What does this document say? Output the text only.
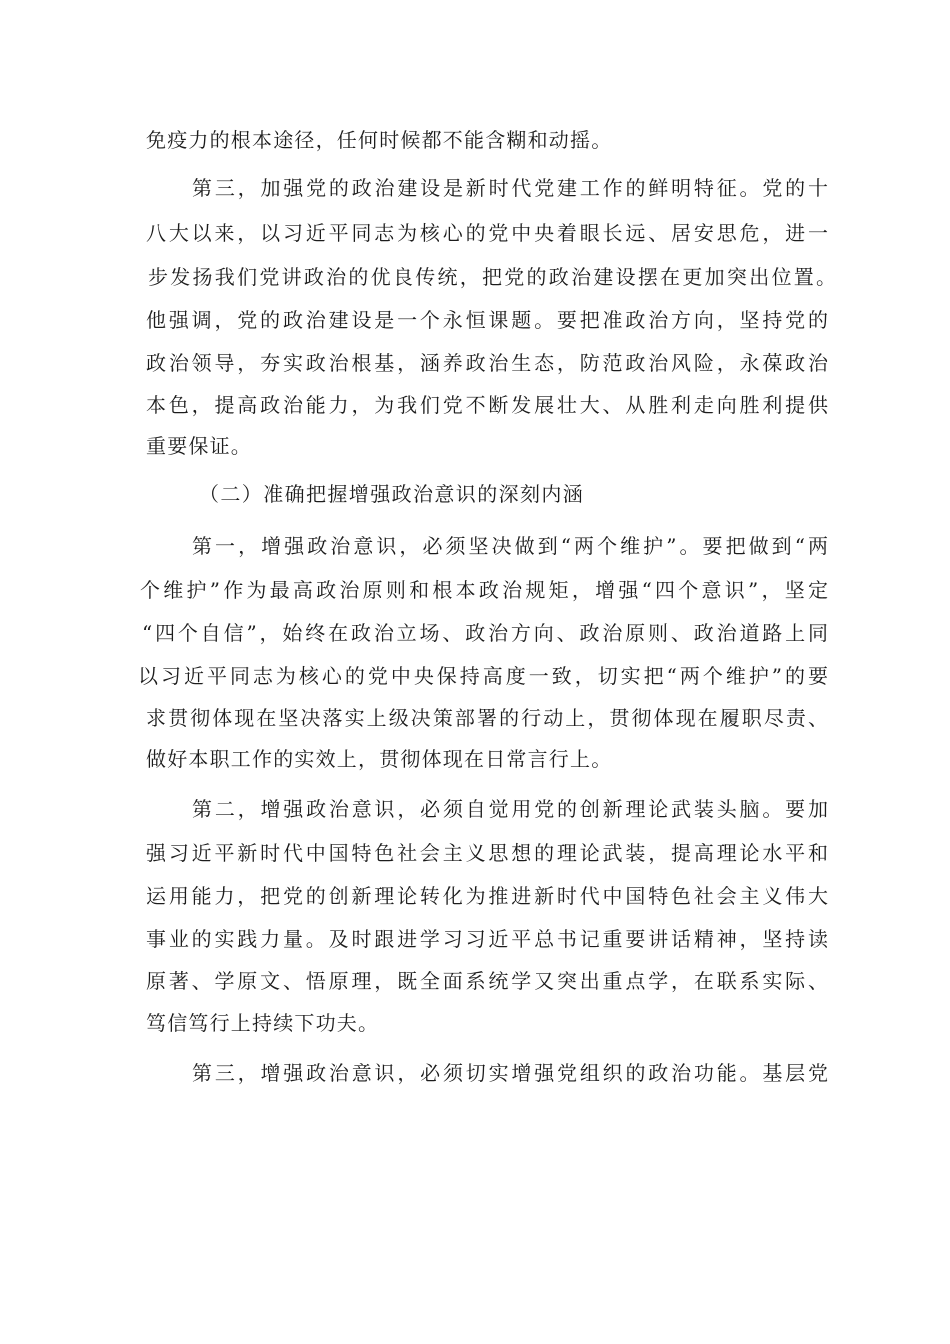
免疫力的根本途径，任何时候都不能含糊和动摇。
第三，加强党的政治建设是新时代党建工作的鲜明特征。党的十
八大以来，以习近平同志为核心的党中央着眼长远、居安思危，进一
步发扬我们党讲政治的优良传统，把党的政治建设摆在更加突出位置。
他强调，党的政治建设是一个永恒课题。要把准政治方向，坚持党的
政治领导，夯实政治根基，涵养政治生态，防范政治风险，永葆政治
本色，提高政治能力，为我们党不断发展壮大、从胜利走向胜利提供
重要保证。
（二）准确把握增强政治意识的深刻内涵
第一，增强政治意识，必须坚决做到“两个维护”。要把做到“两
个维护”作为最高政治原则和根本政治规矩，增强“四个意识”，坚定
“四个自信”，始终在政治立场、政治方向、政治原则、政治道路上同
以习近平同志为核心的党中央保持高度一致，切实把“两个维护”的要
求贯彻体现在坚决落实上级决策部署的行动上，贯彻体现在履职尽责、
做好本职工作的实效上，贯彻体现在日常言行上。
第二，增强政治意识，必须自觉用党的创新理论武装头脑。要加
强习近平新时代中国特色社会主义思想的理论武装，提高理论水平和
运用能力，把党的创新理论转化为推进新时代中国特色社会主义伟大
事业的实践力量。及时跟进学习习近平总书记重要讲话精神，坚持读
原著、学原文、悟原理，既全面系统学又突出重点学，在联系实际、
笃信笃行上持续下功夫。
第三，增强政治意识，必须切实增强党组织的政治功能。基层党
